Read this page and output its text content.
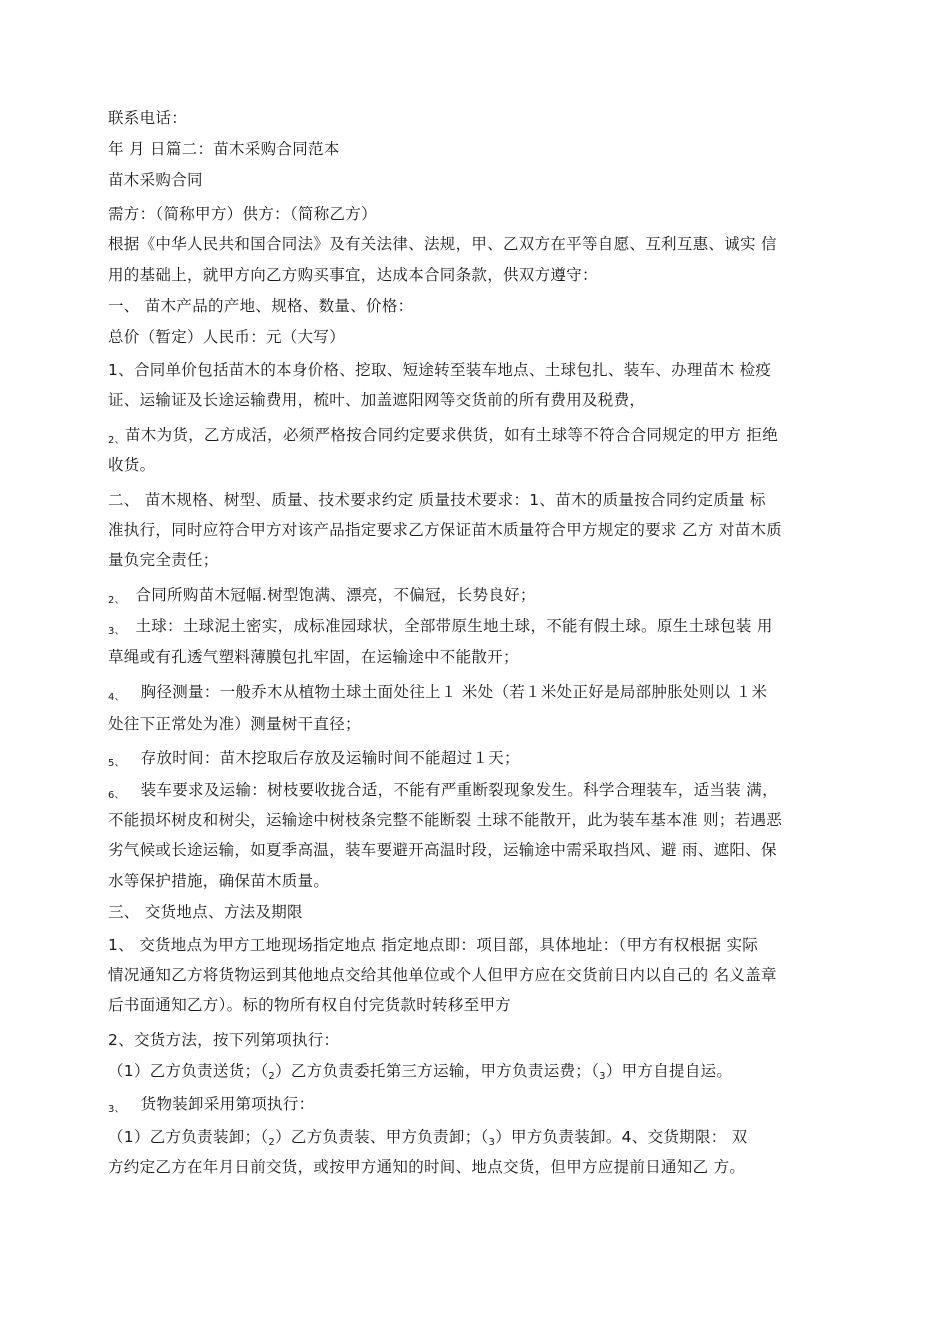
联系电话：
年 月 日篇二：苗木采购合同范本
苗木采购合同
需方：（简称甲方）供方：（简称乙方）
根据《中华人民共和国合同法》及有关法律、法规，甲、乙双方在平等自愿、互利互惠、诚实 信
用的基础上，就甲方向乙方购买事宜，达成本合同条款，供双方遵守：
一、 苗木产品的产地、规格、数量、价格：
总价（暂定）人民币：元（大写）
1、合同单价包括苗木的本身价格、挖取、短途转至装车地点、土球包扎、装车、办理苗木 检疫
证、运输证及长途运输费用，梳叶、加盖遮阳网等交货前的所有费用及税费，
$_{2、}$苗木为货，乙方成活，必须严格按合同约定要求供货，如有土球等不符合合同规定的甲方 拒绝
收货。
二、 苗木规格、树型、质量、技术要求约定 质量技术要求：1、苗木的质量按合同约定质量 标
准执行，同时应符合甲方对该产品指定要求乙方保证苗木质量符合甲方规定的要求 乙方 对苗木质
量负完全责任；
$_{2、}$ 合同所购苗木冠幅.树型饱满、漂亮，不偏冠，长势良好；
$_{3、}$ 土球：土球泥土密实，成标准园球状，全部带原生地土球，不能有假土球。原生土球包装 用
草绳或有孔透气塑料薄膜包扎牢固，在运输途中不能散开；
$_{4、}$ 胸径测量：一般乔木从植物土球土面处往上１ 米处（若１米处正好是局部肿胀处则以 １米
处往下正常处为准）测量树干直径；
$_{5、}$ 存放时间：苗木挖取后存放及运输时间不能超过１天；
$_{6、}$ 装车要求及运输：树枝要收拢合适，不能有严重断裂现象发生。科学合理装车，适当装 满，
不能损坏树皮和树尖，运输途中树枝条完整不能断裂 土球不能散开，此为装车基本准 则；若遇恶
劣气候或长途运输，如夏季高温，装车要避开高温时段，运输途中需采取挡风、避 雨、遮阳、保
水等保护措施，确保苗木质量。
三、 交货地点、方法及期限
1、 交货地点为甲方工地现场指定地点 指定地点即：项目部，具体地址：（甲方有权根据 实际
情况通知乙方将货物运到其他地点交给其他单位或个人但甲方应在交货前日内以自己的 名义盖章
后书面通知乙方）。标的物所有权自付完货款时转移至甲方
2、交货方法，按下列第项执行：
（1）乙方负责送货；$(_2)$乙方负责委托第三方运输，甲方负责运费；$(_3)$甲方自提自运。
$_{3、}$ 货物装卸采用第项执行：
（1）乙方负责装卸；$(_2)$乙方负责装、甲方负责卸；$(_3)$甲方负责装卸。4、交货期限： 双
方约定乙方在年月日前交货，或按甲方通知的时间、地点交货，但甲方应提前日通知乙 方。
